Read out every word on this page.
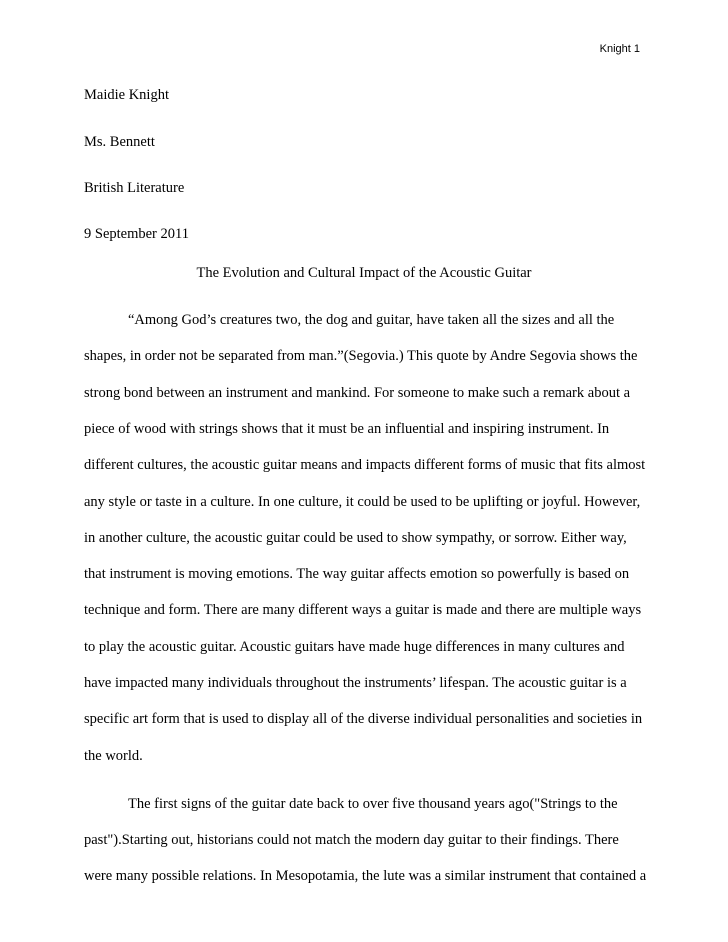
Knight 1
Maidie Knight
Ms. Bennett
British Literature
9 September 2011
The Evolution and Cultural Impact of the Acoustic Guitar
“Among God’s creatures two, the dog and guitar, have taken all the sizes and all the
shapes, in order not be separated from man.”(Segovia.) This quote by Andre Segovia shows the
strong bond between an instrument and mankind. For someone to make such a remark about a
piece of wood with strings shows that it must be an influential and inspiring instrument. In
different cultures, the acoustic guitar means and impacts different forms of music that fits almost
any style or taste in a culture. In one culture, it could be used to be uplifting or joyful. However,
in another culture, the acoustic guitar could be used to show sympathy, or sorrow. Either way,
that instrument is moving emotions. The way guitar affects emotion so powerfully is based on
technique and form. There are many different ways a guitar is made and there are multiple ways
to play the acoustic guitar. Acoustic guitars have made huge differences in many cultures and
have impacted many individuals throughout the instruments’ lifespan. The acoustic guitar is a
specific art form that is used to display all of the diverse individual personalities and societies in
the world.
The first signs of the guitar date back to over five thousand years ago("Strings to the
past").Starting out, historians could not match the modern day guitar to their findings. There
were many possible relations. In Mesopotamia, the lute was a similar instrument that contained a
